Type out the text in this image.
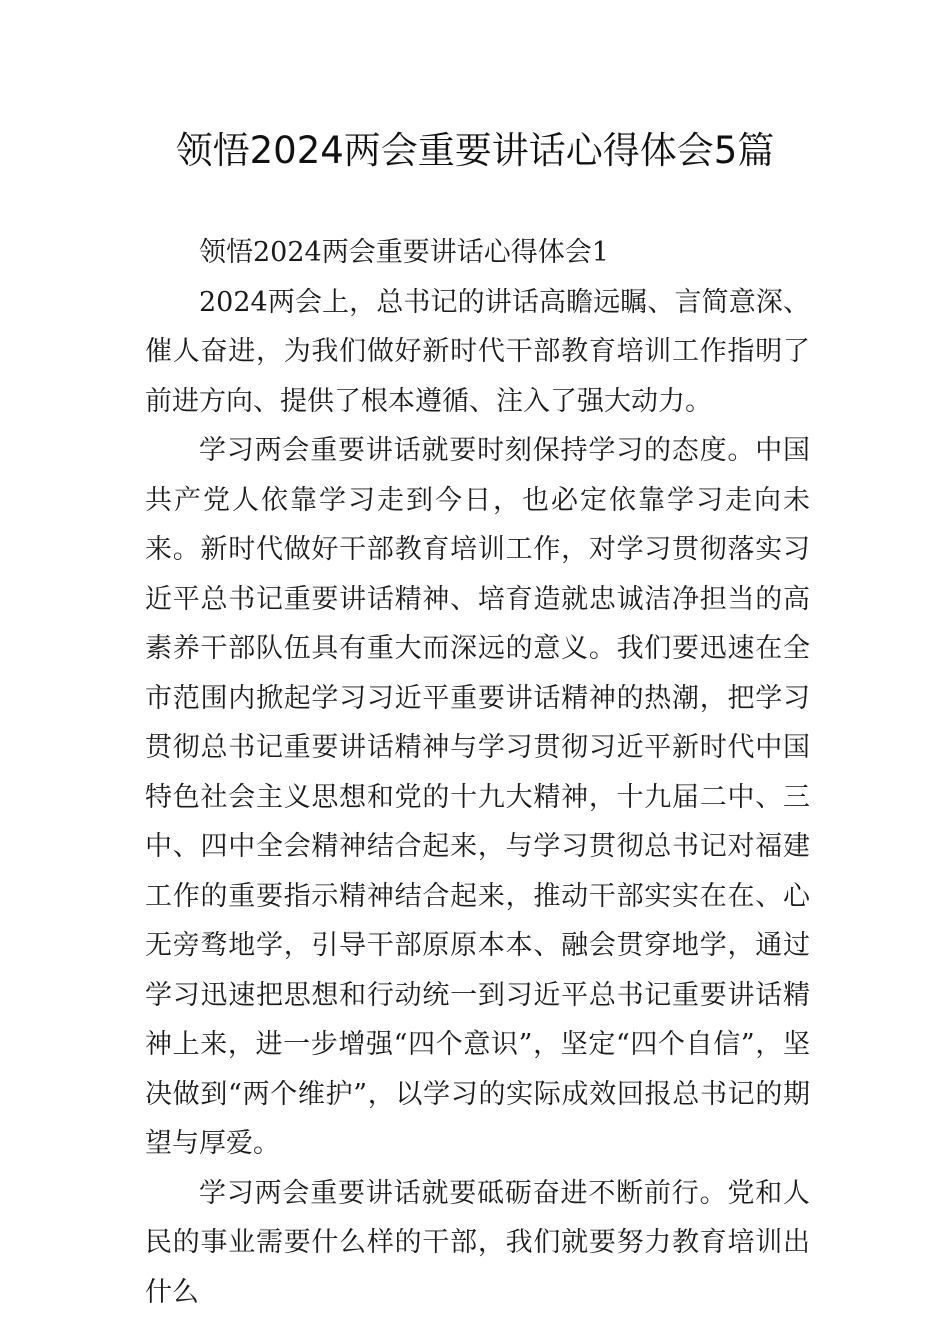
领悟2024两会重要讲话心得体会5篇

领悟2024两会重要讲话心得体会1

2024两会上，总书记的讲话高瞻远瞩、言简意深、催人奋进，为我们做好新时代干部教育培训工作指明了前进方向、提供了根本遵循、注入了强大动力。

学习两会重要讲话就要时刻保持学习的态度。中国共产党人依靠学习走到今日，也必定依靠学习走向未来。新时代做好干部教育培训工作，对学习贯彻落实习近平总书记重要讲话精神、培育造就忠诚洁净担当的高素养干部队伍具有重大而深远的意义。我们要迅速在全市范围内掀起学习习近平重要讲话精神的热潮，把学习贯彻总书记重要讲话精神与学习贯彻习近平新时代中国特色社会主义思想和党的十九大精神，十九届二中、三中、四中全会精神结合起来，与学习贯彻总书记对福建工作的重要指示精神结合起来，推动干部实实在在、心无旁骛地学，引导干部原原本本、融会贯穿地学，通过学习迅速把思想和行动统一到习近平总书记重要讲话精神上来，进一步增强“四个意识”，坚定“四个自信”，坚决做到“两个维护”，以学习的实际成效回报总书记的期望与厚爱。

学习两会重要讲话就要砥砺奋进不断前行。党和人民的事业需要什么样的干部，我们就要努力教育培训出什么
